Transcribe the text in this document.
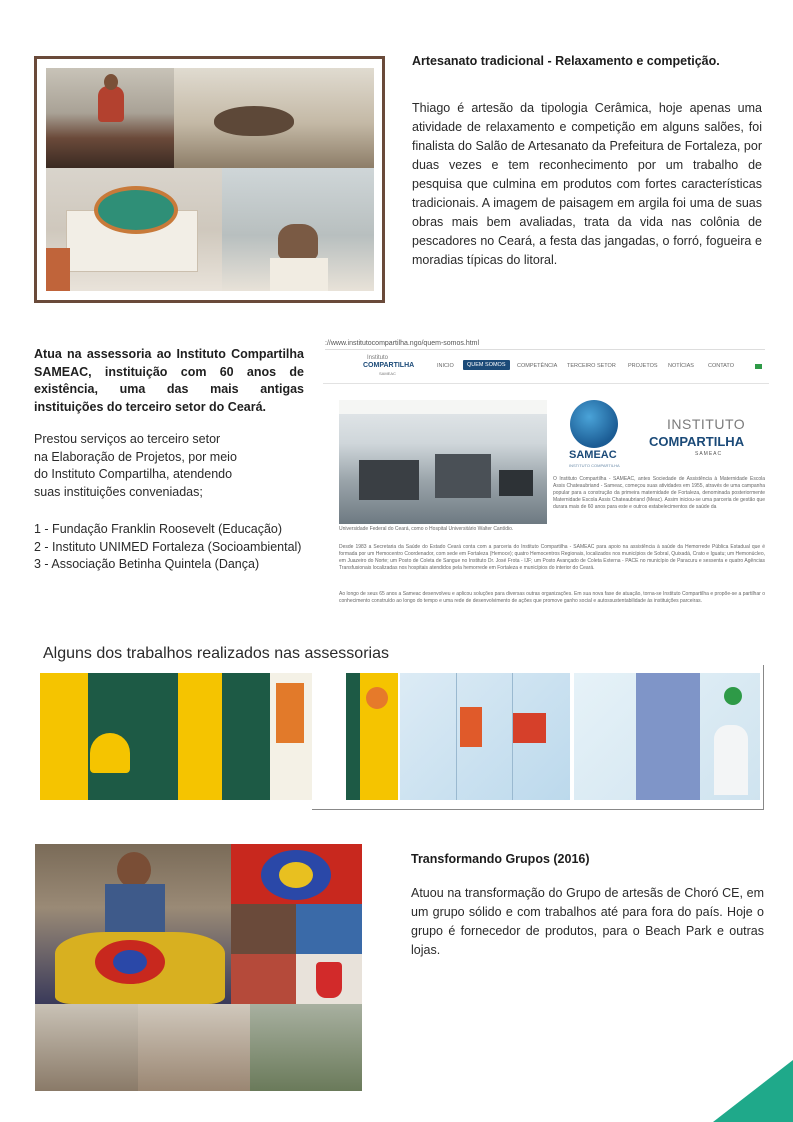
Artesanato tradicional - Relaxamento e competição.
Thiago é artesão da tipologia Cerâmica, hoje apenas uma atividade de relaxamento e competição em alguns salões, foi finalista do Salão de Artesanato da Prefeitura de Fortaleza, por duas vezes e tem reconhecimento por um trabalho de pesquisa que culmina em produtos com fortes características tradicionais. A imagem de paisagem em argila foi uma de suas obras mais bem avaliadas, trata da vida nas colônia de pescadores no Ceará, a festa das jangadas, o forró, fogueira e moradias típicas do litoral.
Atua na assessoria ao Instituto Compartilha SAMEAC, instituição com 60 anos de existência, uma das mais antigas instituições do terceiro setor do Ceará.
Prestou serviços ao terceiro setor
na Elaboração de Projetos, por meio
do Instituto Compartilha, atendendo
suas instituições conveniadas;
1 - Fundação Franklin Roosevelt (Educação)
2 - Instituto UNIMED Fortaleza (Socioambiental)
3 - Associação Betinha Quintela (Dança)
://www.institutocompartilha.ngo/quem-somos.html
Instituto
COMPARTILHA
SAMEAC
INICIO	QUEM SOMOS	COMPETÊNCIA TERCEIRO SETOR PROJETOS NOTÍCIAS	CONTATO
SAMEAC
INSTITUTO COMPARTILHA
INSTITUTO
COMPARTILHA
SAMEAC
O Instituto Compartilha - SAMEAC, antes Sociedade de Assistência à Maternidade Escola Assis Chateaubriand - Sameac, começou suas atividades em 1955, através de uma campanha popular para a construção da primeira maternidade de Fortaleza, denominada posteriormente Maternidade Escola Assis Chateaubriand (Meac). Assim iniciou-se uma parceria de gestão que durara mais de 60 anos para este e outros estabelecimentos de saúde da
Universidade Federal do Ceará, como o Hospital Universitário Walter Cantídio.
Desde 1983 a Secretaria da Saúde do Estado Ceará conta com a parceria do Instituto Compartilha - SAMEAC para apoio na assistência à saúde da Hemorrede Pública Estadual que é formada por um Hemocentro Coordenador, com sede em Fortaleza (Hemoce); quatro Hemocentros Regionais, localizados nos municípios de Sobral, Quixadá, Crato e Iguatu; um Hemonúcleo, em Juazeiro do Norte; um Posto de Coleta de Sangue no Instituto Dr. José Frota - IJF; um Posto Avançado de Coleta Externa - PACE no município de Paracuru e sessenta e quatro Agências Transfusionais localizadas nos hospitais atendidos pela hemorrede em Fortaleza e municípios do interior do Ceará.
Ao longo de seus 65 anos a Sameac desenvolveu e aplicou soluções para diversas outras organizações. Em sua nova fase de atuação, torna-se Instituto Compartilha e propõe-se a partilhar o conhecimento construído ao longo do tempo e uma rede de desenvolvimento de ações que promove ganho social e autossustentabilidade às instituições parceiras.
Alguns dos trabalhos realizados nas assessorias
Transformando Grupos (2016)
Atuou na transformação do Grupo de artesãs de Choró CE, em um grupo sólido e com trabalhos até para fora do país. Hoje o grupo é fornecedor de produtos, para o Beach Park e outras lojas.
